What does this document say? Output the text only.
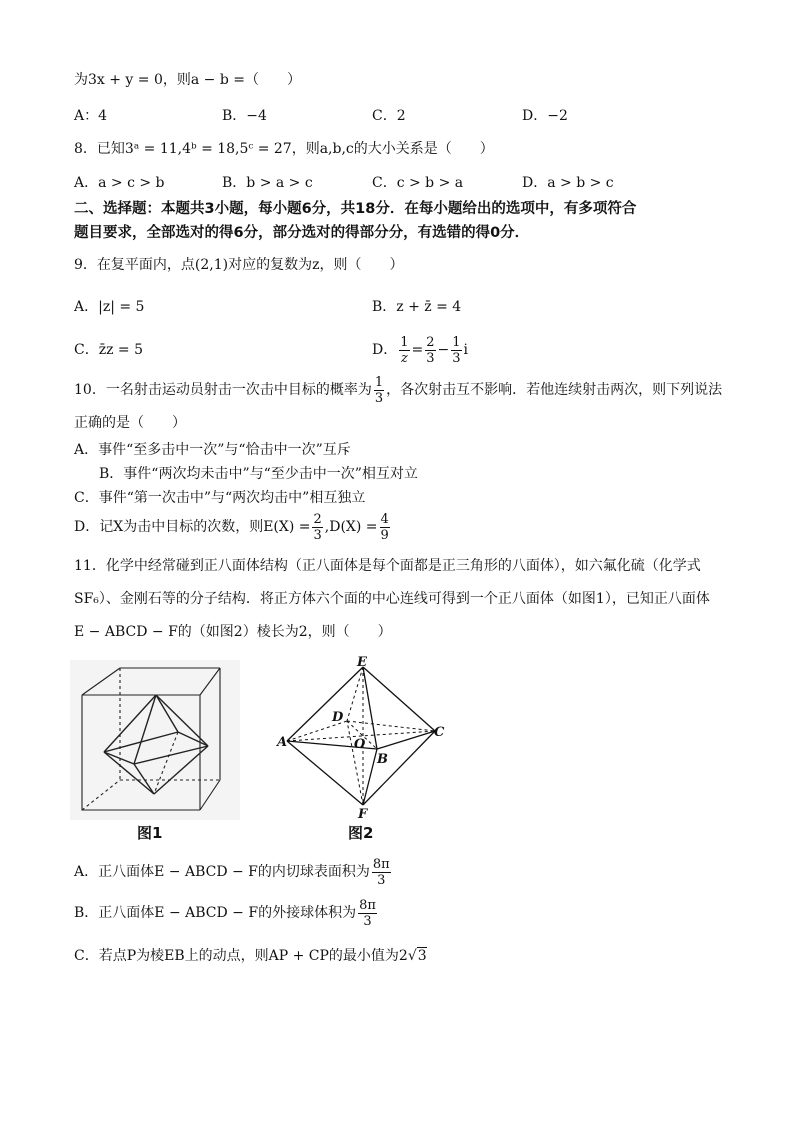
为3x + y = 0，则a − b =（　　）
A：4	B．−4	C．2	D．−2
8．已知3ᵃ = 11,4ᵇ = 18,5ᶜ = 27，则a,b,c的大小关系是（　　）
A．a > c > b	B．b > a > c	C．c > b > a	D．a > b > c
二、选择题：本题共3小题，每小题6分，共18分．在每小题给出的选项中，有多项符合
题目要求，全部选对的得6分，部分选对的得部分分，有选错的得0分．
9．在复平面内，点(2,1)对应的复数为z，则（　　）
A．|z| = 5	B．z + z̄ = 4
C．z̄z = 5	D． $\frac{1}{z} = \frac{2}{3} - \frac{1}{3}$ i
10．一名射击运动员射击一次击中目标的概率为 $\frac{1}{3}$ ，各次射击互不影响．若他连续射击两次，则下列说法
正确的是（　　）
A．事件“至多击中一次”与“恰击中一次”互斥
B．事件“两次均未击中”与“至少击中一次”相互对立
C．事件“第一次击中”与“两次均击中”相互独立
D．记X为击中目标的次数，则$E(X) = \frac{2}{3} ,D(X) = \frac{4}{9}$
11．化学中经常碰到正八面体结构（正八面体是每个面都是正三角形的八面体），如六氟化硫（化学式
SF₆）、金刚石等的分子结构．将正方体六个面的中心连线可得到一个正八面体（如图1），已知正八面体
E − ABCD − F的（如图2）棱长为2，则（　　）
图1
E
D
A	O
C
B
F
图2
A．正八面体E − ABCD − F的内切球表面积为 $\frac{8\pi}{3}$
B．正八面体E − ABCD − F的外接球体积为 $\frac{8\pi}{3}$
C．若点P为棱EB上的动点，则AP + CP的最小值为2√3
